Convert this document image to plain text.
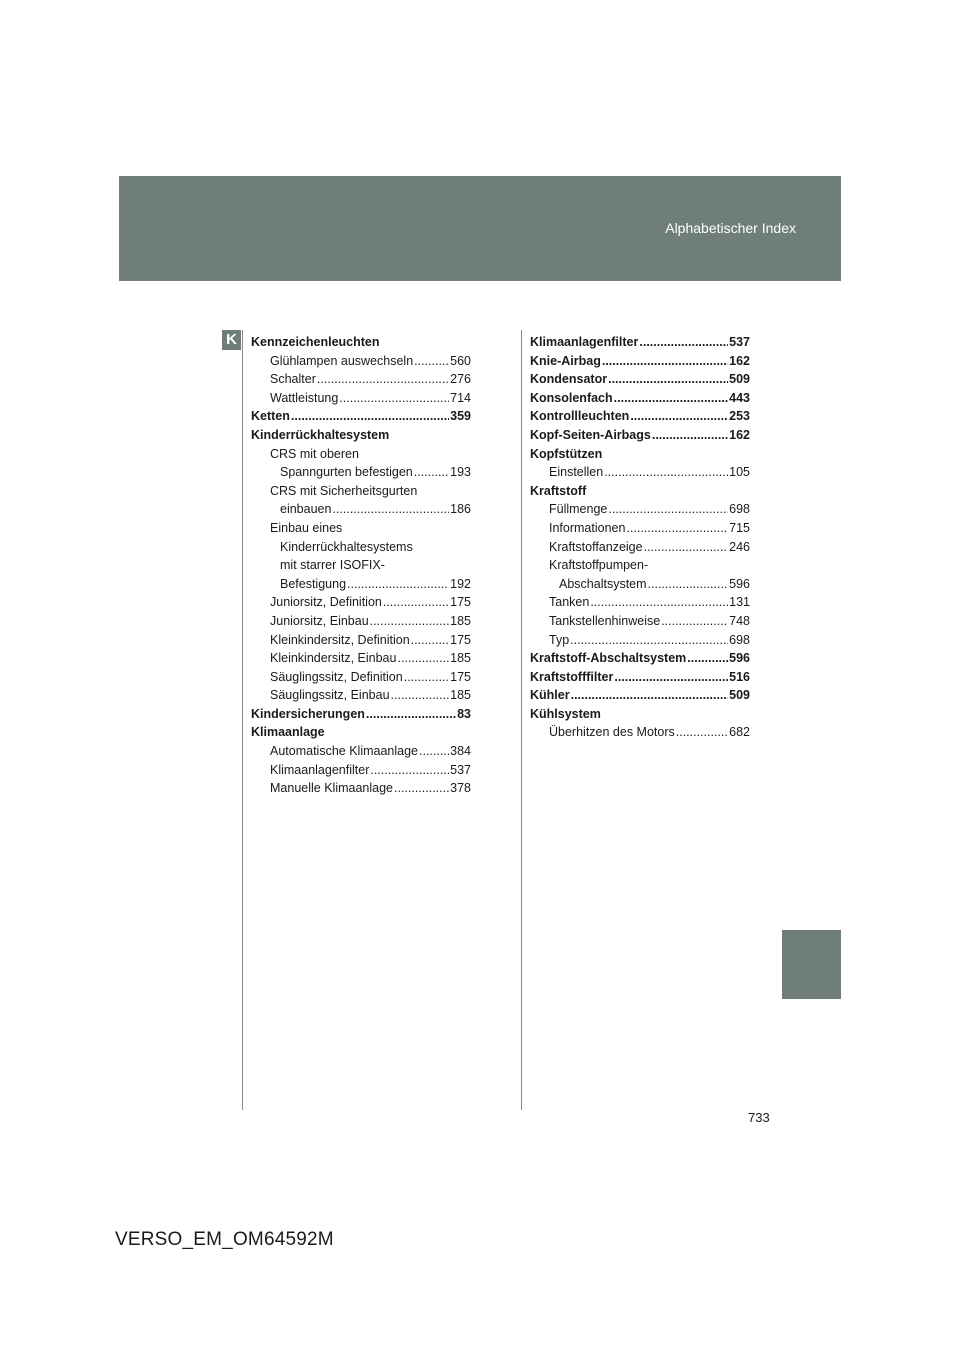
Alphabetischer Index
K	Kennzeichenleuchten
Glühlampen auswechseln .....	560
Schalter .....	276
Wattleistung .....	714
Ketten .....	359
Kinderrückhaltesystem
CRS mit oberen
Spanngurten befestigen .....	193
CRS mit Sicherheitsgurten
einbauen .....	186
Einbau eines
Kinderrückhaltesystems
mit starrer ISOFIX-
Befestigung .....	192
Juniorsitz, Definition .....	175
Juniorsitz, Einbau .....	185
Kleinkindersitz, Definition .....	175
Kleinkindersitz, Einbau .....	185
Säuglingssitz, Definition .....	175
Säuglingssitz, Einbau .....	185
Kindersicherungen .....	83
Klimaanlage
Automatische Klimaanlage .....	384
Klimaanlagenfilter .....	537
Manuelle Klimaanlage .....	378
Klimaanlagenfilter .....	537
Knie-Airbag .....	162
Kondensator .....	509
Konsolenfach .....	443
Kontrollleuchten .....	253
Kopf-Seiten-Airbags .....	162
Kopfstützen
Einstellen .....	105
Kraftstoff
Füllmenge .....	698
Informationen .....	715
Kraftstoffanzeige .....	246
Kraftstoffpumpen-
Abschaltsystem .....	596
Tanken .....	131
Tankstellenhinweise .....	748
Typ .....	698
Kraftstoff-Abschaltsystem .....	596
Kraftstofffilter .....	516
Kühler .....	509
Kühlsystem
Überhitzen des Motors .....	682
733
VERSO_EM_OM64592M
